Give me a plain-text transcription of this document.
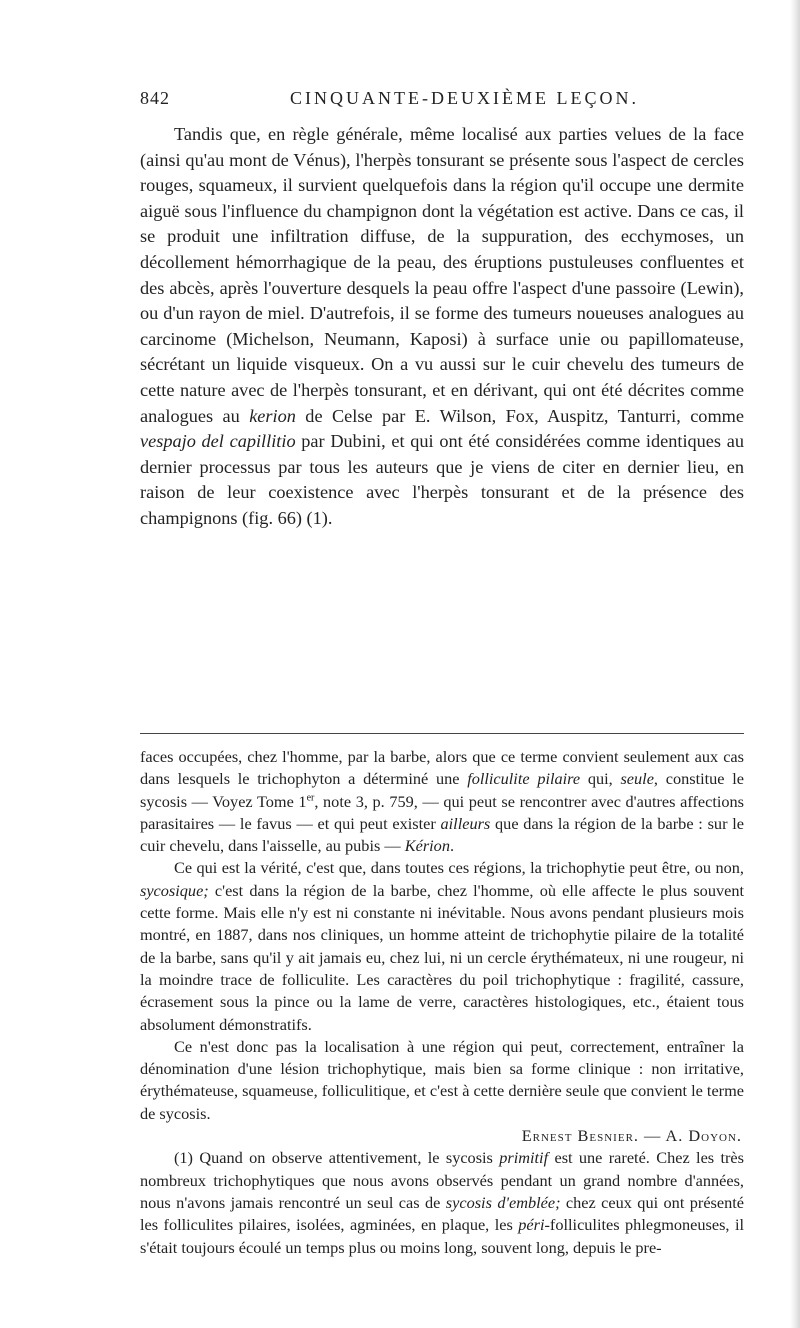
842	CINQUANTE-DEUXIÈME LEÇON.

Tandis que, en règle générale, même localisé aux parties velues de la face (ainsi qu'au mont de Vénus), l'herpès tonsurant se présente sous l'aspect de cercles rouges, squameux, il survient quelquefois dans la région qu'il occupe une dermite aiguë sous l'influence du champignon dont la végétation est active. Dans ce cas, il se produit une infiltration diffuse, de la suppuration, des ecchymoses, un décollement hémorrhagique de la peau, des éruptions pustuleuses confluentes et des abcès, après l'ouverture desquels la peau offre l'aspect d'une passoire (Lewin), ou d'un rayon de miel. D'autrefois, il se forme des tumeurs noueuses analogues au carcinome (Michelson, Neumann, Kaposi) à surface unie ou papillomateuse, sécrétant un liquide visqueux. On a vu aussi sur le cuir chevelu des tumeurs de cette nature avec de l'herpès tonsurant, et en dérivant, qui ont été décrites comme analogues au kerion de Celse par E. Wilson, Fox, Auspitz, Tanturri, comme vespajo del capillitio par Dubini, et qui ont été considérées comme identiques au dernier processus par tous les auteurs que je viens de citer en dernier lieu, en raison de leur coexistence avec l'herpès tonsurant et de la présence des champignons (fig. 66) (1).

faces occupées, chez l'homme, par la barbe, alors que ce terme convient seulement aux cas dans lesquels le trichophyton a déterminé une folliculite pilaire qui, seule, constitue le sycosis — Voyez Tome 1er, note 3, p. 759, — qui peut se rencontrer avec d'autres affections parasitaires — le favus — et qui peut exister ailleurs que dans la région de la barbe : sur le cuir chevelu, dans l'aisselle, au pubis — Kérion.

Ce qui est la vérité, c'est que, dans toutes ces régions, la trichophytie peut être, ou non, sycosique; c'est dans la région de la barbe, chez l'homme, où elle affecte le plus souvent cette forme. Mais elle n'y est ni constante ni inévitable. Nous avons pendant plusieurs mois montré, en 1887, dans nos cliniques, un homme atteint de trichophytie pilaire de la totalité de la barbe, sans qu'il y ait jamais eu, chez lui, ni un cercle érythémateux, ni une rougeur, ni la moindre trace de folliculite. Les caractères du poil trichophytique : fragilité, cassure, écrasement sous la pince ou la lame de verre, caractères histologiques, etc., étaient tous absolument démonstratifs.

Ce n'est donc pas la localisation à une région qui peut, correctement, entraîner la dénomination d'une lésion trichophytique, mais bien sa forme clinique : non irritative, érythémateuse, squameuse, folliculitique, et c'est à cette dernière seule que convient le terme de sycosis.

Ernest Besnier. — A. Doyon.

(1) Quand on observe attentivement, le sycosis primitif est une rareté. Chez les très nombreux trichophytiques que nous avons observés pendant un grand nombre d'années, nous n'avons jamais rencontré un seul cas de sycosis d'emblée; chez ceux qui ont présenté les folliculites pilaires, isolées, agminées, en plaque, les péri-folliculites phlegmoneuses, il s'était toujours écoulé un temps plus ou moins long, souvent long, depuis le pre-
